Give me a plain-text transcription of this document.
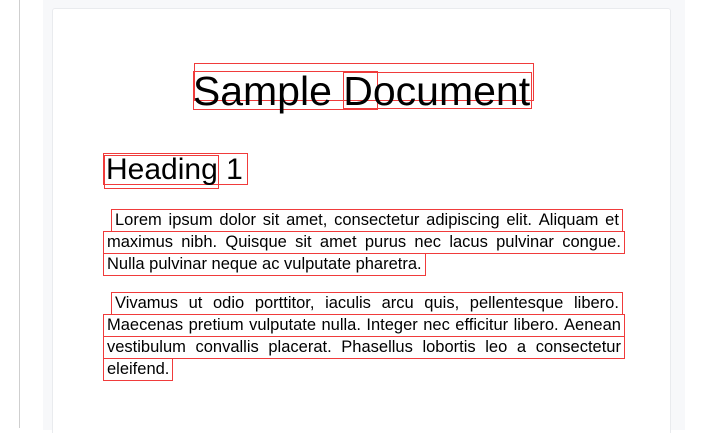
Sample Document
Heading 1
Lorem ipsum dolor sit amet, consectetur adipiscing elit. Aliquam et
maximus nibh. Quisque sit amet purus nec lacus pulvinar congue.
Nulla pulvinar neque ac vulputate pharetra.
Vivamus ut odio porttitor, iaculis arcu quis, pellentesque libero.
Maecenas pretium vulputate nulla. Integer nec efficitur libero. Aenean
vestibulum convallis placerat. Phasellus lobortis leo a consectetur
eleifend.
